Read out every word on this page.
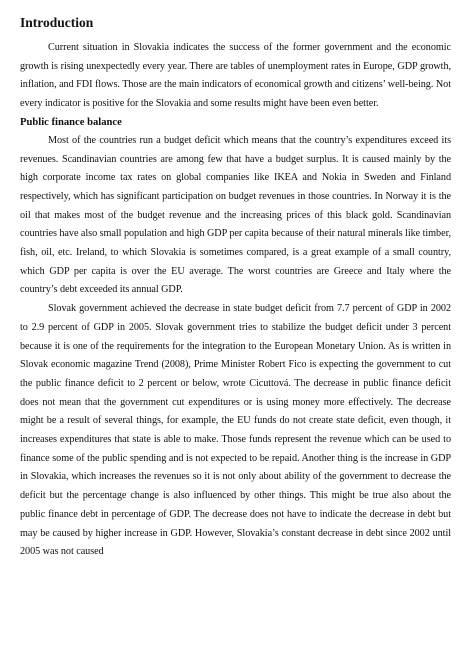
Introduction

Current situation in Slovakia indicates the success of the former government and the economic growth is rising unexpectedly every year. There are tables of unemployment rates in Europe, GDP growth, inflation, and FDI flows. Those are the main indicators of economical growth and citizens’ well-being. Not every indicator is positive for the Slovakia and some results might have been even better.

Public finance balance

Most of the countries run a budget deficit which means that the country’s expenditures exceed its revenues. Scandinavian countries are among few that have a budget surplus. It is caused mainly by the high corporate income tax rates on global companies like IKEA and Nokia in Sweden and Finland respectively, which has significant participation on budget revenues in those countries. In Norway it is the oil that makes most of the budget revenue and the increasing prices of this black gold. Scandinavian countries have also small population and high GDP per capita because of their natural minerals like timber, fish, oil, etc. Ireland, to which Slovakia is sometimes compared, is a great example of a small country, which GDP per capita is over the EU average. The worst countries are Greece and Italy where the country’s debt exceeded its annual GDP.

Slovak government achieved the decrease in state budget deficit from 7.7 percent of GDP in 2002 to 2.9 percent of GDP in 2005. Slovak government tries to stabilize the budget deficit under 3 percent because it is one of the requirements for the integration to the European Monetary Union. As is written in Slovak economic magazine Trend (2008), Prime Minister Robert Fico is expecting the government to cut the public finance deficit to 2 percent or below, wrote Cicuttová. The decrease in public finance deficit does not mean that the government cut expenditures or is using money more effectively. The decrease might be a result of several things, for example, the EU funds do not create state deficit, even though, it increases expenditures that state is able to make. Those funds represent the revenue which can be used to finance some of the public spending and is not expected to be repaid. Another thing is the increase in GDP in Slovakia, which increases the revenues so it is not only about ability of the government to decrease the deficit but the percentage change is also influenced by other things. This might be true also about the public finance debt in percentage of GDP. The decrease does not have to indicate the decrease in debt but may be caused by higher increase in GDP. However, Slovakia’s constant decrease in debt since 2002 until 2005 was not caused
